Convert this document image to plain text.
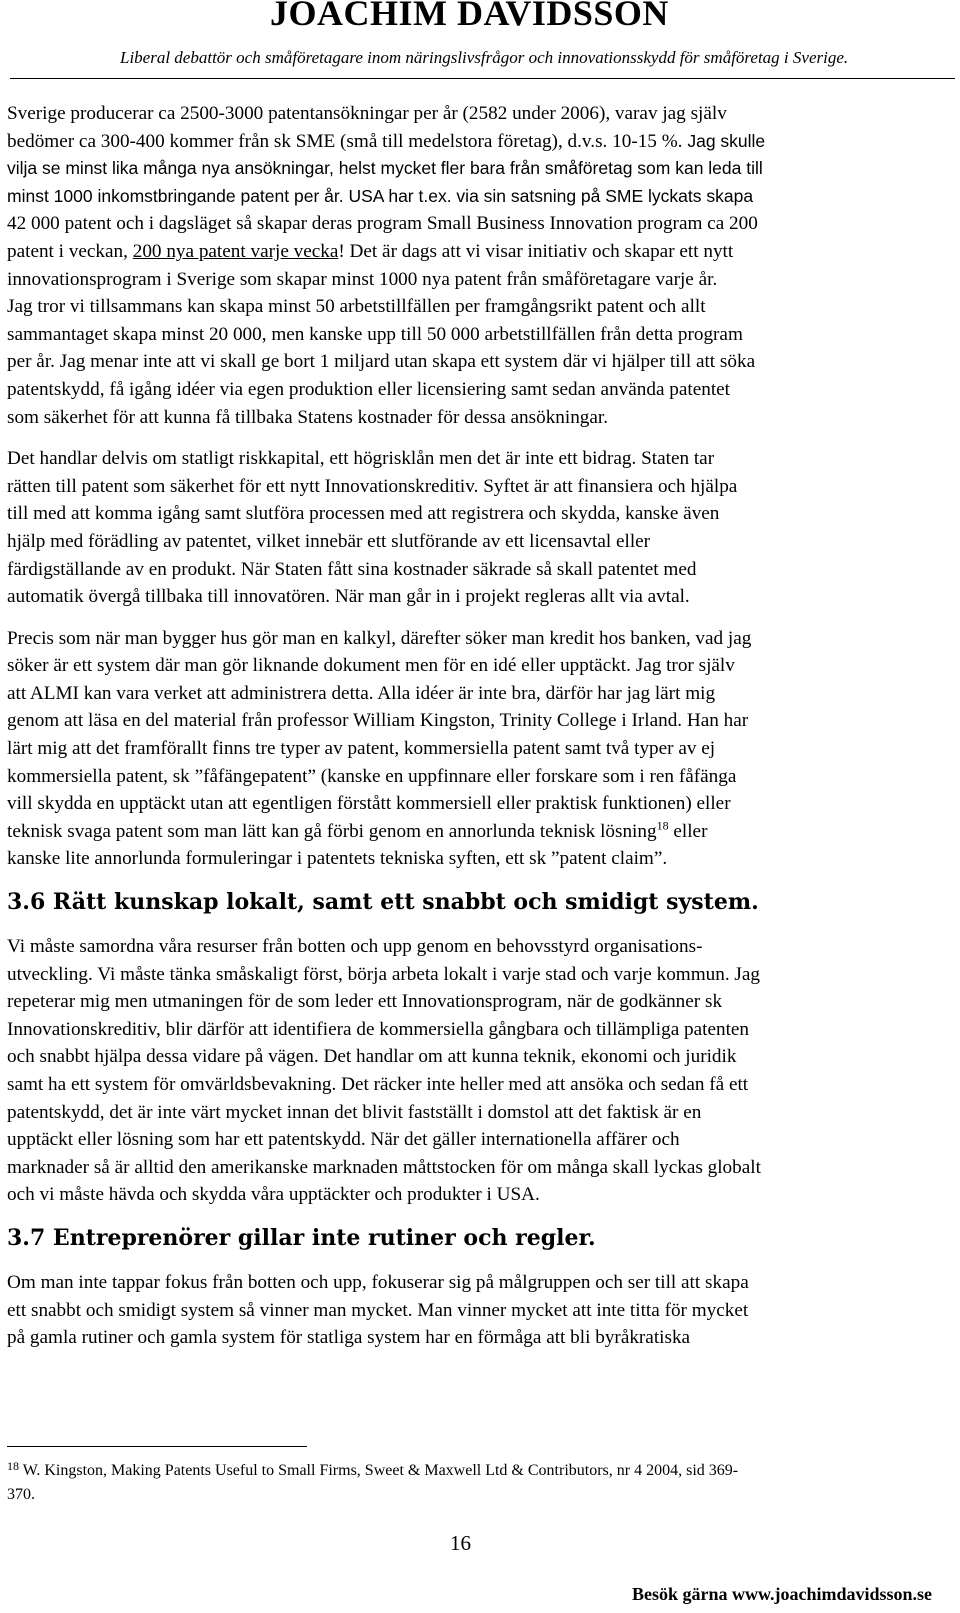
JOACHIM DAVIDSSON
Liberal debattör och småföretagare inom näringslivsfrågor och innovationsskydd för småföretag i Sverige.
Sverige producerar ca 2500-3000 patentansökningar per år (2582 under 2006), varav jag själv
bedömer ca 300-400 kommer från sk SME (små till medelstora företag), d.v.s. 10-15 %. Jag skulle
vilja se minst lika många nya ansökningar, helst mycket fler bara från småföretag som kan leda till
minst 1000 inkomstbringande patent per år. USA har t.ex. via sin satsning på SME lyckats skapa
42 000 patent och i dagsläget så skapar deras program Small Business Innovation program ca 200
patent i veckan, 200 nya patent varje vecka! Det är dags att vi visar initiativ och skapar ett nytt
innovationsprogram i Sverige som skapar minst 1000 nya patent från småföretagare varje år.
Jag tror vi tillsammans kan skapa minst 50 arbetstillfällen per framgångsrikt patent och allt
sammantaget skapa minst 20 000, men kanske upp till 50 000 arbetstillfällen från detta program
per år. Jag menar inte att vi skall ge bort 1 miljard utan skapa ett system där vi hjälper till att söka
patentskydd, få igång idéer via egen produktion eller licensiering samt sedan använda patentet
som säkerhet för att kunna få tillbaka Statens kostnader för dessa ansökningar.
Det handlar delvis om statligt riskkapital, ett högrisklån men det är inte ett bidrag. Staten tar
rätten till patent som säkerhet för ett nytt Innovationskreditiv. Syftet är att finansiera och hjälpa
till med att komma igång samt slutföra processen med att registrera och skydda, kanske även
hjälp med förädling av patentet, vilket innebär ett slutförande av ett licensavtal eller
färdigställande av en produkt. När Staten fått sina kostnader säkrade så skall patentet med
automatik övergå tillbaka till innovatören. När man går in i projekt regleras allt via avtal.
Precis som när man bygger hus gör man en kalkyl, därefter söker man kredit hos banken, vad jag
söker är ett system där man gör liknande dokument men för en idé eller upptäckt. Jag tror själv
att ALMI kan vara verket att administrera detta. Alla idéer är inte bra, därför har jag lärt mig
genom att läsa en del material från professor William Kingston, Trinity College i Irland. Han har
lärt mig att det framförallt finns tre typer av patent, kommersiella patent samt två typer av ej
kommersiella patent, sk ”fåfängepatent” (kanske en uppfinnare eller forskare som i ren fåfänga
vill skydda en upptäckt utan att egentligen förstått kommersiell eller praktisk funktionen) eller
teknisk svaga patent som man lätt kan gå förbi genom en annorlunda teknisk lösning$^{18}$ eller
kanske lite annorlunda formuleringar i patentets tekniska syften, ett sk ”patent claim”.
3.6 Rätt kunskap lokalt, samt ett snabbt och smidigt system.
Vi måste samordna våra resurser från botten och upp genom en behovsstyrd organisations-
utveckling. Vi måste tänka småskaligt först, börja arbeta lokalt i varje stad och varje kommun. Jag
repeterar mig men utmaningen för de som leder ett Innovationsprogram, när de godkänner sk
Innovationskreditiv, blir därför att identifiera de kommersiella gångbara och tillämpliga patenten
och snabbt hjälpa dessa vidare på vägen. Det handlar om att kunna teknik, ekonomi och juridik
samt ha ett system för omvärldsbevakning. Det räcker inte heller med att ansöka och sedan få ett
patentskydd, det är inte värt mycket innan det blivit fastställt i domstol att det faktisk är en
upptäckt eller lösning som har ett patentskydd. När det gäller internationella affärer och
marknader så är alltid den amerikanske marknaden måttstocken för om många skall lyckas globalt
och vi måste hävda och skydda våra upptäckter och produkter i USA.
3.7 Entreprenörer gillar inte rutiner och regler.
Om man inte tappar fokus från botten och upp, fokuserar sig på målgruppen och ser till att skapa
ett snabbt och smidigt system så vinner man mycket. Man vinner mycket att inte titta för mycket
på gamla rutiner och gamla system för statliga system har en förmåga att bli byråkratiska
$^{18}$ W. Kingston, Making Patents Useful to Small Firms, Sweet & Maxwell Ltd & Contributors, nr 4 2004, sid 369-
370.
16
Besök gärna www.joachimdavidsson.se
